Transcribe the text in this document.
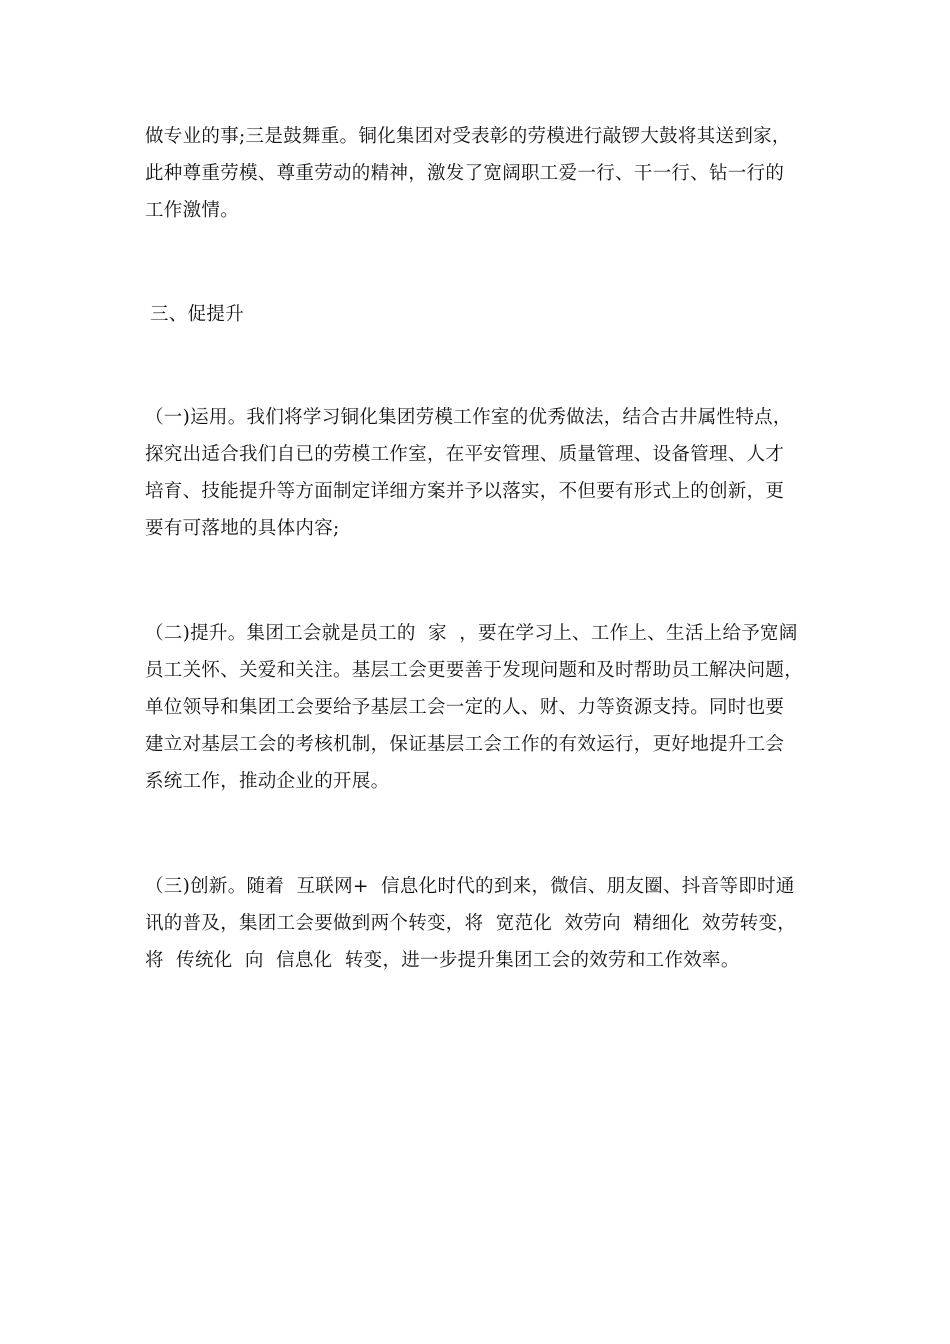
做专业的事;三是鼓舞重。铜化集团对受表彰的劳模进行敲锣大鼓将其送到家，
此种尊重劳模、尊重劳动的精神，激发了宽阔职工爱一行、干一行、钻一行的
工作激情。
三、促提升
（一)运用。我们将学习铜化集团劳模工作室的优秀做法，结合古井属性特点，
探究出适合我们自已的劳模工作室，在平安管理、质量管理、设备管理、人才
培育、技能提升等方面制定详细方案并予以落实，不但要有形式上的创新，更
要有可落地的具体内容;
（二)提升。集团工会就是员工的  家  ，要在学习上、工作上、生活上给予宽阔
员工关怀、关爱和关注。基层工会更要善于发现问题和及时帮助员工解决问题，
单位领导和集团工会要给予基层工会一定的人、财、力等资源支持。同时也要
建立对基层工会的考核机制，保证基层工会工作的有效运行，更好地提升工会
系统工作，推动企业的开展。
（三)创新。随着  互联网+  信息化时代的到来，微信、朋友圈、抖音等即时通
讯的普及，集团工会要做到两个转变，将  宽范化  效劳向  精细化  效劳转变，
将  传统化  向  信息化  转变，进一步提升集团工会的效劳和工作效率。
